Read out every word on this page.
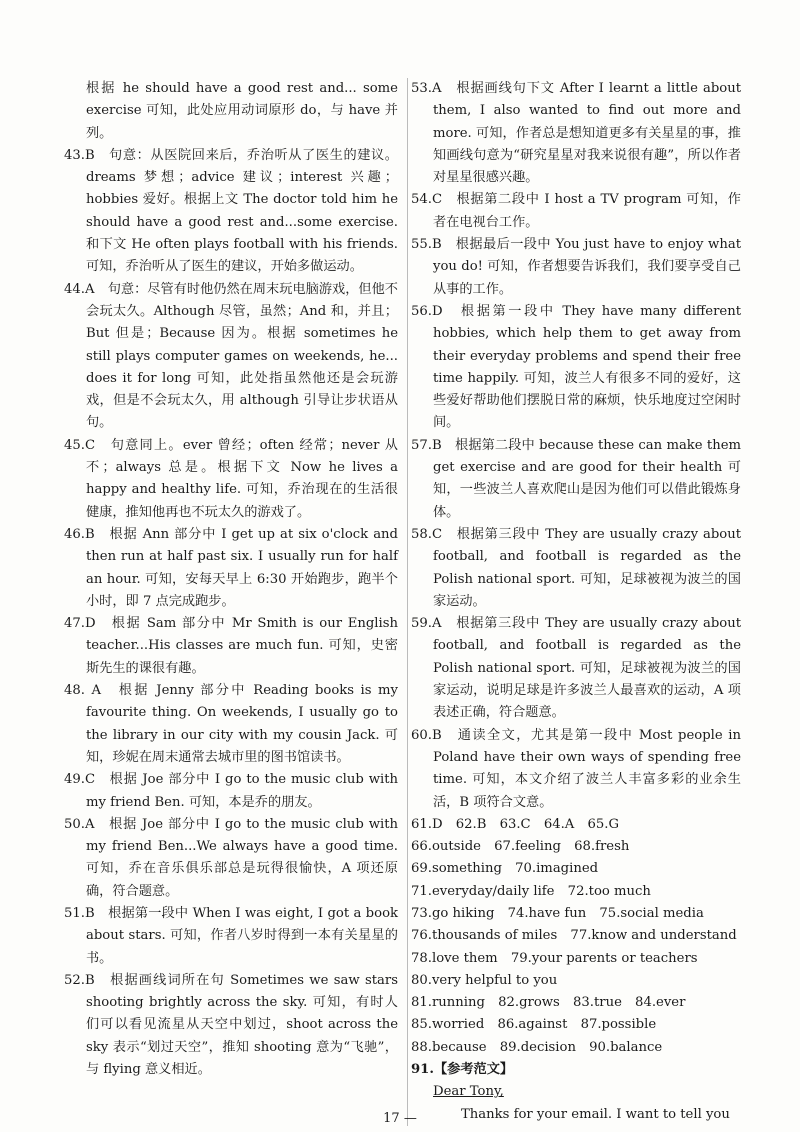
根据 he should have a good rest and... some exercise 可知，此处应用动词原形 do，与 have 并列。

43.B　句意：从医院回来后，乔治听从了医生的建议。dreams 梦想；advice 建议；interest 兴趣；hobbies 爱好。根据上文 The doctor told him he should have a good rest and...some exercise. 和下文 He often plays football with his friends. 可知，乔治听从了医生的建议，开始多做运动。

44.A　句意：尽管有时他仍然在周末玩电脑游戏，但他不会玩太久。Although 尽管，虽然；And 和，并且；But 但是；Because 因为。根据 sometimes he still plays computer games on weekends, he... does it for long 可知，此处指虽然他还是会玩游戏，但是不会玩太久，用 although 引导让步状语从句。

45.C　句意同上。ever 曾经；often 经常；never 从不；always 总是。根据下文 Now he lives a happy and healthy life. 可知，乔治现在的生活很健康，推知他再也不玩太久的游戏了。

46.B　根据 Ann 部分中 I get up at six o'clock and then run at half past six. I usually run for half an hour. 可知，安每天早上 6:30 开始跑步，跑半个小时，即 7 点完成跑步。

47.D　根据 Sam 部分中 Mr Smith is our English teacher...His classes are much fun. 可知，史密斯先生的课很有趣。

48. A　根据 Jenny 部分中 Reading books is my favourite thing. On weekends, I usually go to the library in our city with my cousin Jack. 可知，珍妮在周末通常去城市里的图书馆读书。

49.C　根据 Joe 部分中 I go to the music club with my friend Ben. 可知，本是乔的朋友。

50.A　根据 Joe 部分中 I go to the music club with my friend Ben...We always have a good time. 可知，乔在音乐俱乐部总是玩得很愉快，A 项还原确，符合题意。

51.B　根据第一段中 When I was eight, I got a book about stars. 可知，作者八岁时得到一本有关星星的书。

52.B　根据画线词所在句 Sometimes we saw stars shooting brightly across the sky. 可知，有时人们可以看见流星从天空中划过，shoot across the sky 表示“划过天空”，推知 shooting 意为“飞驰”，与 flying 意义相近。

53.A　根据画线句下文 After I learnt a little about them, I also wanted to find out more and more. 可知，作者总是想知道更多有关星星的事，推知画线句意为“研究星星对我来说很有趣”，所以作者对星星很感兴趣。

54.C　根据第二段中 I host a TV program 可知，作者在电视台工作。

55.B　根据最后一段中 You just have to enjoy what you do! 可知，作者想要告诉我们，我们要享受自己从事的工作。

56.D　根据第一段中 They have many different hobbies, which help them to get away from their everyday problems and spend their free time happily. 可知，波兰人有很多不同的爱好，这些爱好帮助他们摆脱日常的麻烦，快乐地度过空闲时间。

57.B　根据第二段中 because these can make them get exercise and are good for their health 可知，一些波兰人喜欢爬山是因为他们可以借此锻炼身体。

58.C　根据第三段中 They are usually crazy about football, and football is regarded as the Polish national sport. 可知，足球被视为波兰的国家运动。

59.A　根据第三段中 They are usually crazy about football, and football is regarded as the Polish national sport. 可知，足球被视为波兰的国家运动，说明足球是许多波兰人最喜欢的运动，A 项表述正确，符合题意。

60.B　通读全文，尤其是第一段中 Most people in Poland have their own ways of spending free time. 可知，本文介绍了波兰人丰富多彩的业余生活，B 项符合文意。

61.D　62.B　63.C　64.A　65.G

66.outside　67.feeling　68.fresh

69.something　70.imagined

71.everyday/daily life　72.too much

73.go hiking　74.have fun　75.social media

76.thousands of miles　77.know and understand

78.love them　79.your parents or teachers

80.very helpful to you

81.running　82.grows　83.true　84.ever

85.worried　86.against　87.possible

88.because　89.decision　90.balance

91.【参考范文】

Dear Tony,

Thanks for your email. I want to tell you

17 —
